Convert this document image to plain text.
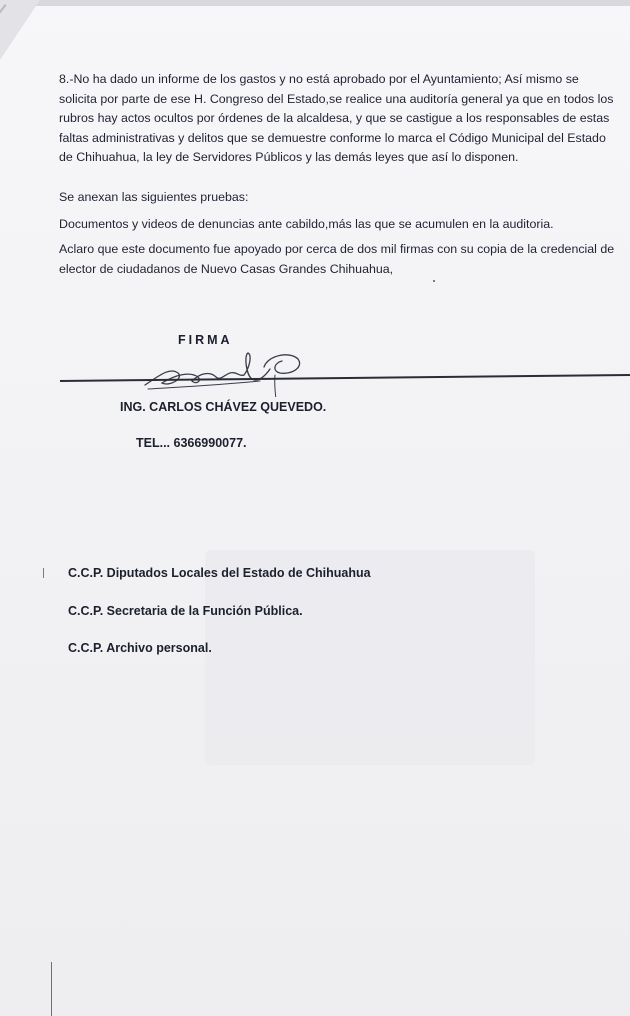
8.-No ha dado un informe de los gastos y no está aprobado por el Ayuntamiento; Así mismo se solicita por parte de ese H. Congreso del Estado,se realice una auditoría general ya que en todos los rubros hay actos ocultos por órdenes de la alcaldesa, y que se castigue a los responsables de estas faltas administrativas y delitos que se demuestre conforme lo marca el Código Municipal del Estado de Chihuahua, la ley de Servidores Públicos y las demás leyes que así lo disponen.

Se anexan las siguientes pruebas:

Documentos y videos de denuncias ante cabildo,más las que se acumulen en la auditoria.

Aclaro que este documento fue apoyado por cerca de dos mil firmas con su copia de la credencial de elector de ciudadanos de Nuevo Casas Grandes Chihuahua,

FIRMA
ING. CARLOS CHÁVEZ QUEVEDO.
TEL... 6366990077.
C.C.P. Diputados Locales del Estado de Chihuahua
C.C.P. Secretaria de la Función Pública.
C.C.P. Archivo personal.
